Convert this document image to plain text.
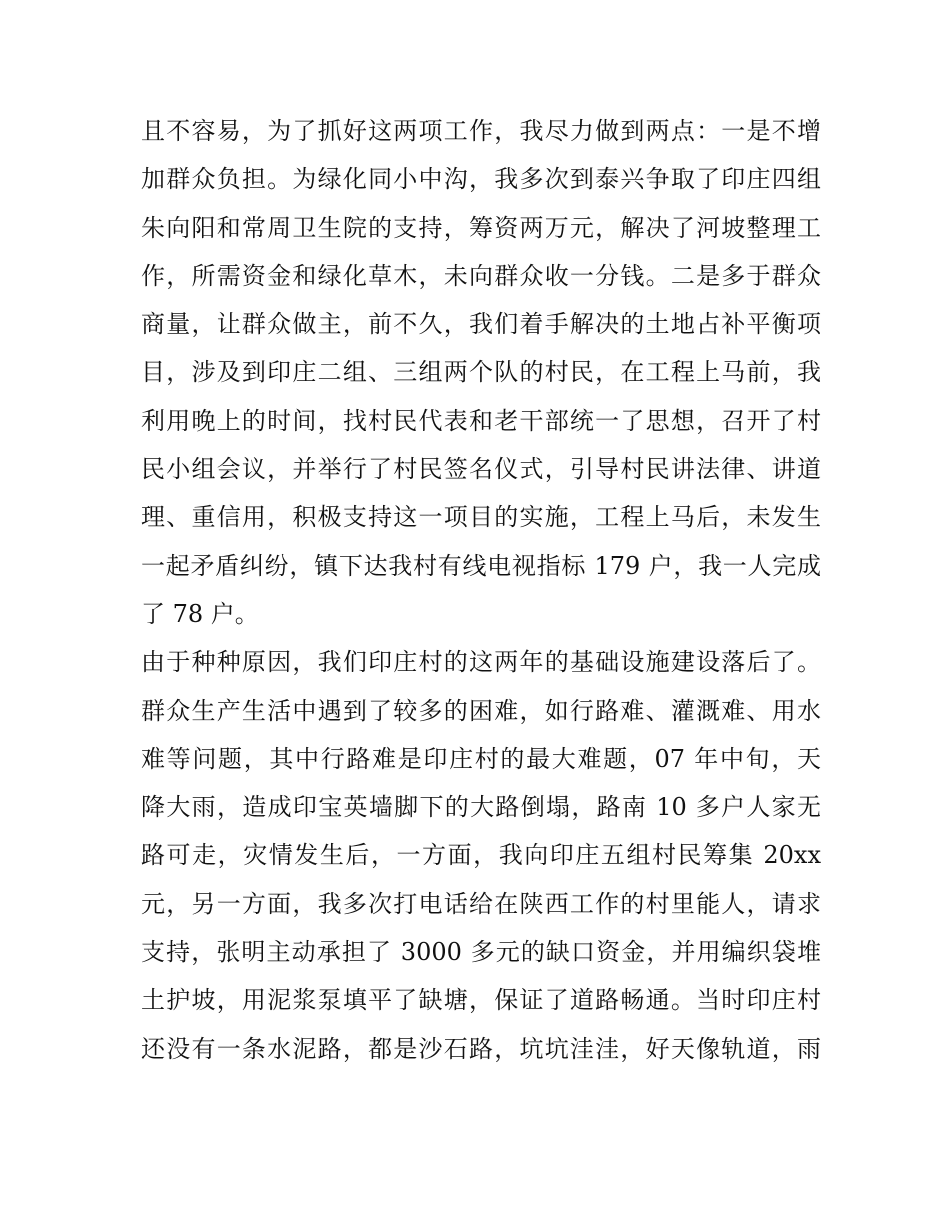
且不容易，为了抓好这两项工作，我尽力做到两点：一是不增
加群众负担。为绿化同小中沟，我多次到泰兴争取了印庄四组
朱向阳和常周卫生院的支持，筹资两万元，解决了河坡整理工
作，所需资金和绿化草木，未向群众收一分钱。二是多于群众
商量，让群众做主，前不久，我们着手解决的土地占补平衡项
目，涉及到印庄二组、三组两个队的村民，在工程上马前，我
利用晚上的时间，找村民代表和老干部统一了思想，召开了村
民小组会议，并举行了村民签名仪式，引导村民讲法律、讲道
理、重信用，积极支持这一项目的实施，工程上马后，未发生
一起矛盾纠纷，镇下达我村有线电视指标 179 户，我一人完成
了 78 户。
由于种种原因，我们印庄村的这两年的基础设施建设落后了。
群众生产生活中遇到了较多的困难，如行路难、灌溉难、用水
难等问题，其中行路难是印庄村的最大难题，07 年中旬，天
降大雨，造成印宝英墙脚下的大路倒塌，路南 10 多户人家无
路可走，灾情发生后，一方面，我向印庄五组村民筹集 20xx
元，另一方面，我多次打电话给在陕西工作的村里能人，请求
支持，张明主动承担了 3000 多元的缺口资金，并用编织袋堆
土护坡，用泥浆泵填平了缺塘，保证了道路畅通。当时印庄村
还没有一条水泥路，都是沙石路，坑坑洼洼，好天像轨道，雨
